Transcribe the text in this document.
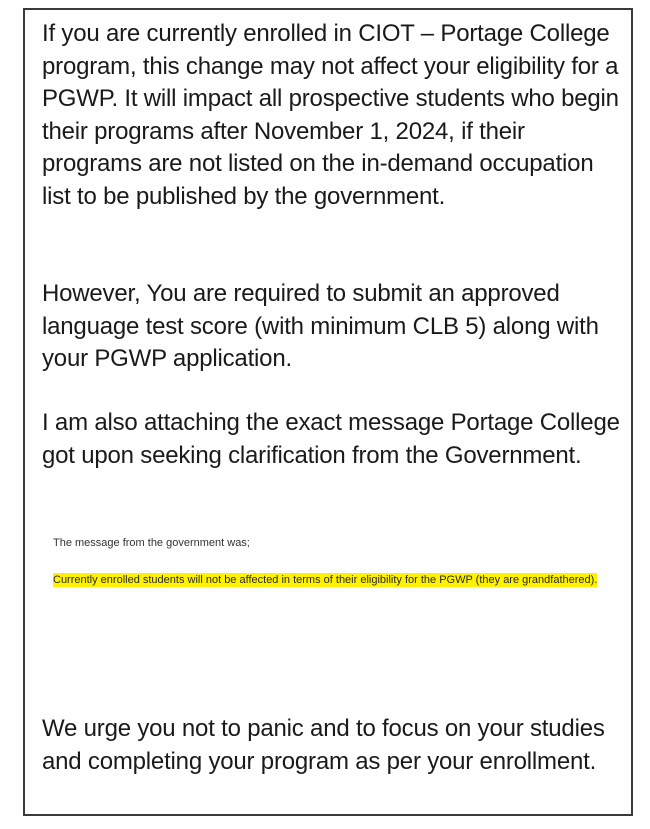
If you are currently enrolled in CIOT – Portage College program, this change may not affect your eligibility for a PGWP. It will impact all prospective students who begin their programs after November 1, 2024, if their programs are not listed on the in-demand occupation list to be published by the government.

However, You are required to submit an approved language test score (with minimum CLB 5) along with your PGWP application.

I am also attaching the exact message Portage College got upon seeking clarification from the Government.

The message from the government was;

Currently enrolled students will not be affected in terms of their eligibility for the PGWP (they are grandfathered).

We urge you not to panic and to focus on your studies and completing your program as per your enrollment.
